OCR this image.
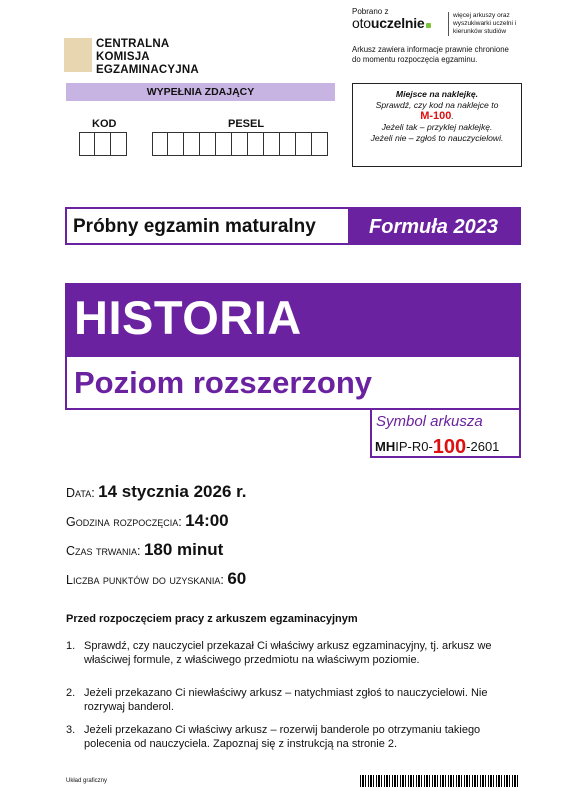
CENTRALNA
KOMISJA
EGZAMINACYJNA
Pobrano z
otouczelnie	więcej arkuszy oraz wyszukiwarki uczelni i kierunków studiów
Arkusz zawiera informacje prawnie chronione do momentu rozpoczęcia egzaminu.
WYPEŁNIA ZDAJĄCY
KOD	PESEL
Miejsce na naklejkę.
Sprawdź, czy kod na naklejce to
M-100.
Jeżeli tak – przyklej naklejkę.
Jeżeli nie – zgłoś to nauczycielowi.
Próbny egzamin maturalny	Formuła 2023
HISTORIA
Poziom rozszerzony
Symbol arkusza
MHIP-R0-100-2601
Data: 14 stycznia 2026 r.
Godzina rozpoczęcia: 14:00
Czas trwania: 180 minut
Liczba punktów do uzyskania: 60
Przed rozpoczęciem pracy z arkuszem egzaminacyjnym
1. Sprawdź, czy nauczyciel przekazał Ci właściwy arkusz egzaminacyjny, tj. arkusz we właściwej formule, z właściwego przedmiotu na właściwym poziomie.
2. Jeżeli przekazano Ci niewłaściwy arkusz – natychmiast zgłoś to nauczycielowi. Nie rozrywaj banderol.
3. Jeżeli przekazano Ci właściwy arkusz – rozerwij banderole po otrzymaniu takiego polecenia od nauczyciela. Zapoznaj się z instrukcją na stronie 2.
Układ graficzny
